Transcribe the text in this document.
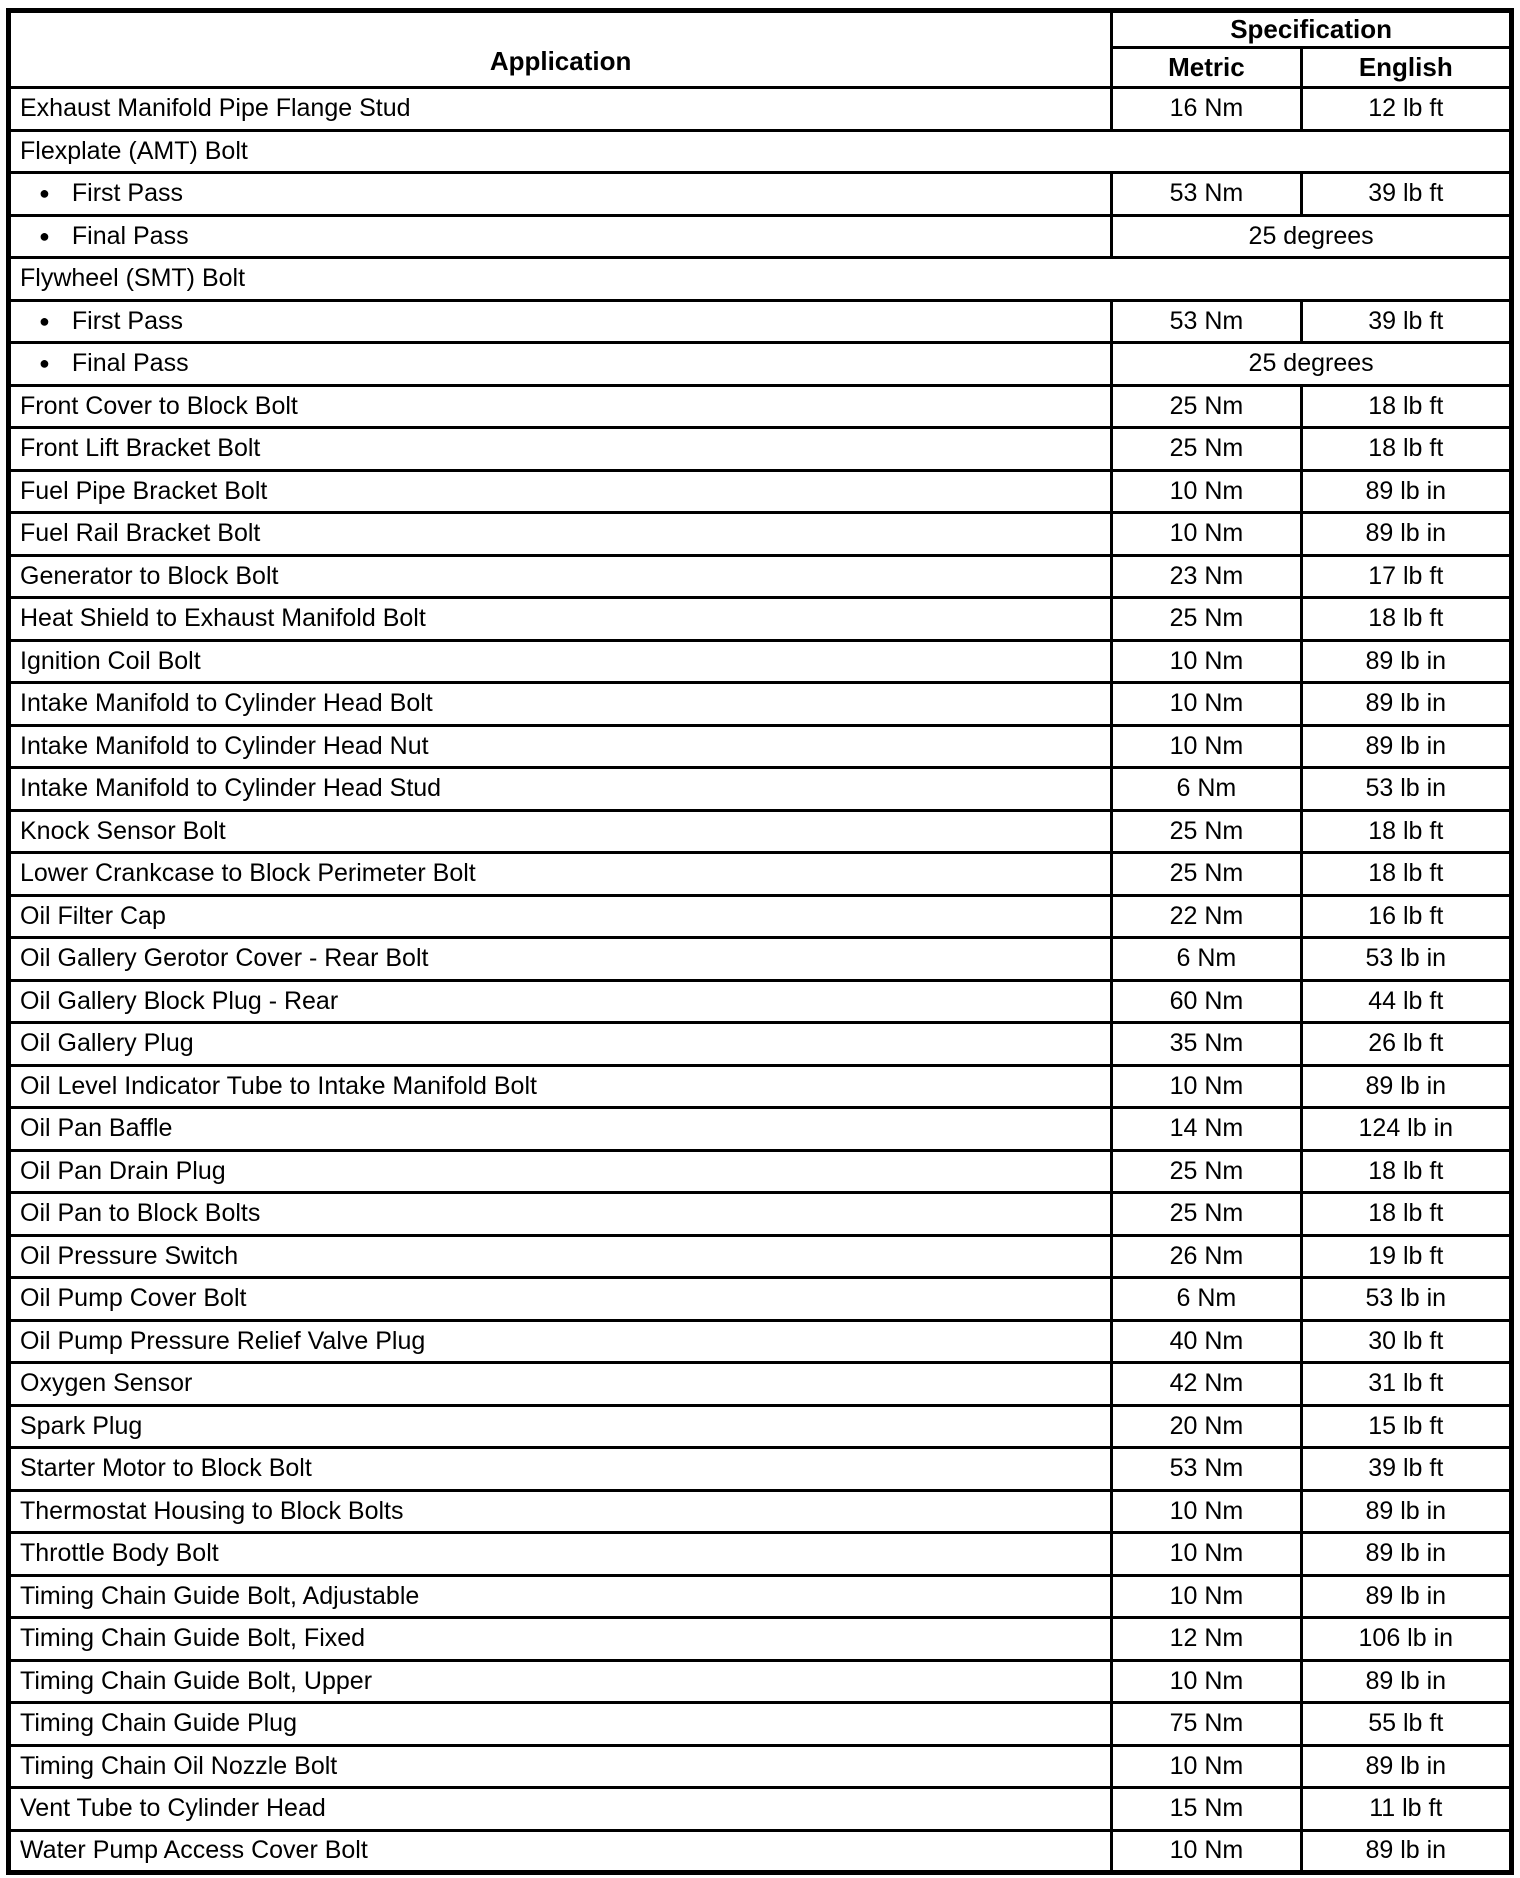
Application	Specification	
	Metric	English
Exhaust Manifold Pipe Flange Stud	16 Nm	12 lb ft
Flexplate (AMT) Bolt		
● First Pass	53 Nm	39 lb ft
● Final Pass	25 degrees	
Flywheel (SMT) Bolt		
● First Pass	53 Nm	39 lb ft
● Final Pass	25 degrees	
Front Cover to Block Bolt	25 Nm	18 lb ft
Front Lift Bracket Bolt	25 Nm	18 lb ft
Fuel Pipe Bracket Bolt	10 Nm	89 lb in
Fuel Rail Bracket Bolt	10 Nm	89 lb in
Generator to Block Bolt	23 Nm	17 lb ft
Heat Shield to Exhaust Manifold Bolt	25 Nm	18 lb ft
Ignition Coil Bolt	10 Nm	89 lb in
Intake Manifold to Cylinder Head Bolt	10 Nm	89 lb in
Intake Manifold to Cylinder Head Nut	10 Nm	89 lb in
Intake Manifold to Cylinder Head Stud	6 Nm	53 lb in
Knock Sensor Bolt	25 Nm	18 lb ft
Lower Crankcase to Block Perimeter Bolt	25 Nm	18 lb ft
Oil Filter Cap	22 Nm	16 lb ft
Oil Gallery Gerotor Cover - Rear Bolt	6 Nm	53 lb in
Oil Gallery Block Plug - Rear	60 Nm	44 lb ft
Oil Gallery Plug	35 Nm	26 lb ft
Oil Level Indicator Tube to Intake Manifold Bolt	10 Nm	89 lb in
Oil Pan Baffle	14 Nm	124 lb in
Oil Pan Drain Plug	25 Nm	18 lb ft
Oil Pan to Block Bolts	25 Nm	18 lb ft
Oil Pressure Switch	26 Nm	19 lb ft
Oil Pump Cover Bolt	6 Nm	53 lb in
Oil Pump Pressure Relief Valve Plug	40 Nm	30 lb ft
Oxygen Sensor	42 Nm	31 lb ft
Spark Plug	20 Nm	15 lb ft
Starter Motor to Block Bolt	53 Nm	39 lb ft
Thermostat Housing to Block Bolts	10 Nm	89 lb in
Throttle Body Bolt	10 Nm	89 lb in
Timing Chain Guide Bolt, Adjustable	10 Nm	89 lb in
Timing Chain Guide Bolt, Fixed	12 Nm	106 lb in
Timing Chain Guide Bolt, Upper	10 Nm	89 lb in
Timing Chain Guide Plug	75 Nm	55 lb ft
Timing Chain Oil Nozzle Bolt	10 Nm	89 lb in
Vent Tube to Cylinder Head	15 Nm	11 lb ft
Water Pump Access Cover Bolt	10 Nm	89 lb in
